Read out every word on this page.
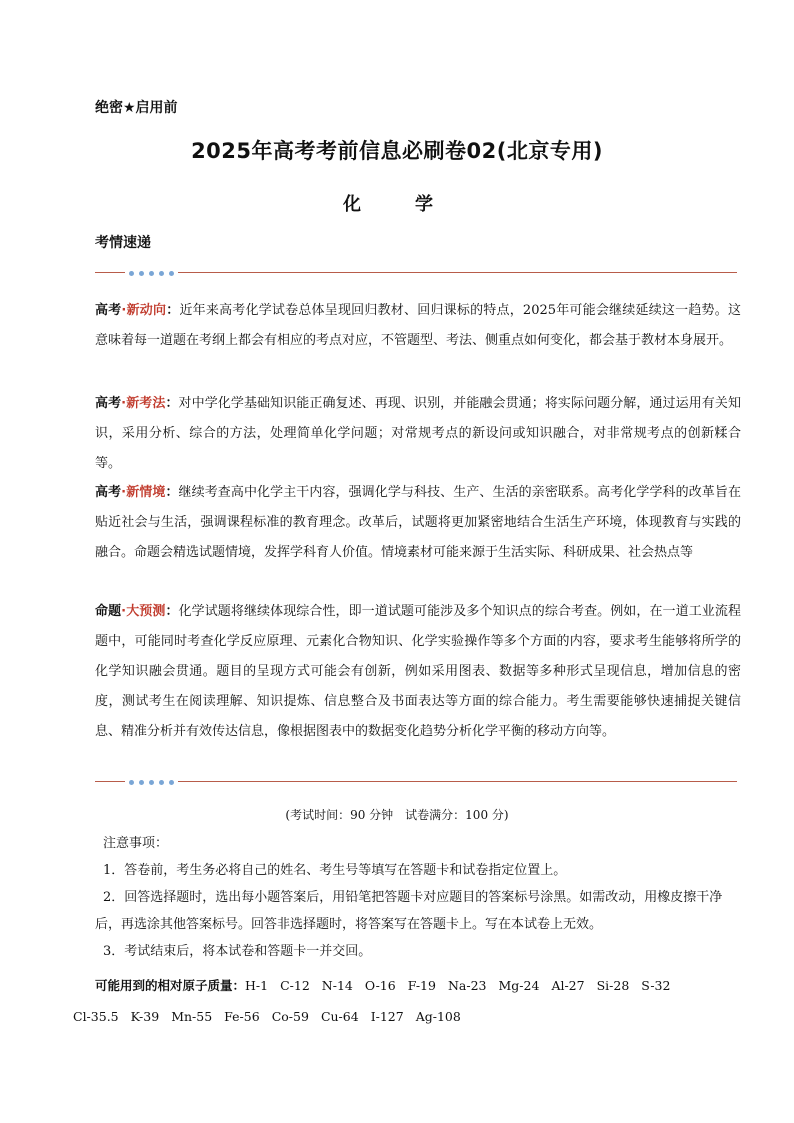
绝密★启用前
2025年高考考前信息必刷卷02(北京专用)
化　学
考情速递
高考·新动向：近年来高考化学试卷总体呈现回归教材、回归课标的特点，2025年可能会继续延续这一趋势。这意味着每一道题在考纲上都会有相应的考点对应，不管题型、考法、侧重点如何变化，都会基于教材本身展开。
高考·新考法：对中学化学基础知识能正确复述、再现、识别，并能融会贯通；将实际问题分解，通过运用有关知识，采用分析、综合的方法，处理简单化学问题；对常规考点的新设问或知识融合，对非常规考点的创新糅合等。
高考·新情境：继续考查高中化学主干内容，强调化学与科技、生产、生活的亲密联系。高考化学学科的改革旨在贴近社会与生活，强调课程标准的教育理念。改革后，试题将更加紧密地结合生活生产环境，体现教育与实践的融合。命题会精选试题情境，发挥学科育人价值。情境素材可能来源于生活实际、科研成果、社会热点等
命题·大预测：化学试题将继续体现综合性，即一道试题可能涉及多个知识点的综合考查。例如，在一道工业流程题中，可能同时考查化学反应原理、元素化合物知识、化学实验操作等多个方面的内容，要求考生能够将所学的化学知识融会贯通。题目的呈现方式可能会有创新，例如采用图表、数据等多种形式呈现信息，增加信息的密度，测试考生在阅读理解、知识提炼、信息整合及书面表达等方面的综合能力。考生需要能够快速捕捉关键信息、精准分析并有效传达信息，像根据图表中的数据变化趋势分析化学平衡的移动方向等。
(考试时间：90 分钟　试卷满分：100 分)
注意事项：
1．答卷前，考生务必将自己的姓名、考生号等填写在答题卡和试卷指定位置上。
2．回答选择题时，选出每小题答案后，用铅笔把答题卡对应题目的答案标号涂黑。如需改动，用橡皮擦干净后，再选涂其他答案标号。回答非选择题时，将答案写在答题卡上。写在本试卷上无效。
3．考试结束后，将本试卷和答题卡一并交回。
可能用到的相对原子质量：H-1 C-12 N-14 O-16 F-19 Na-23 Mg-24 Al-27 Si-28 S-32
Cl-35.5 K-39 Mn-55 Fe-56 Co-59 Cu-64 I-127 Ag-108
